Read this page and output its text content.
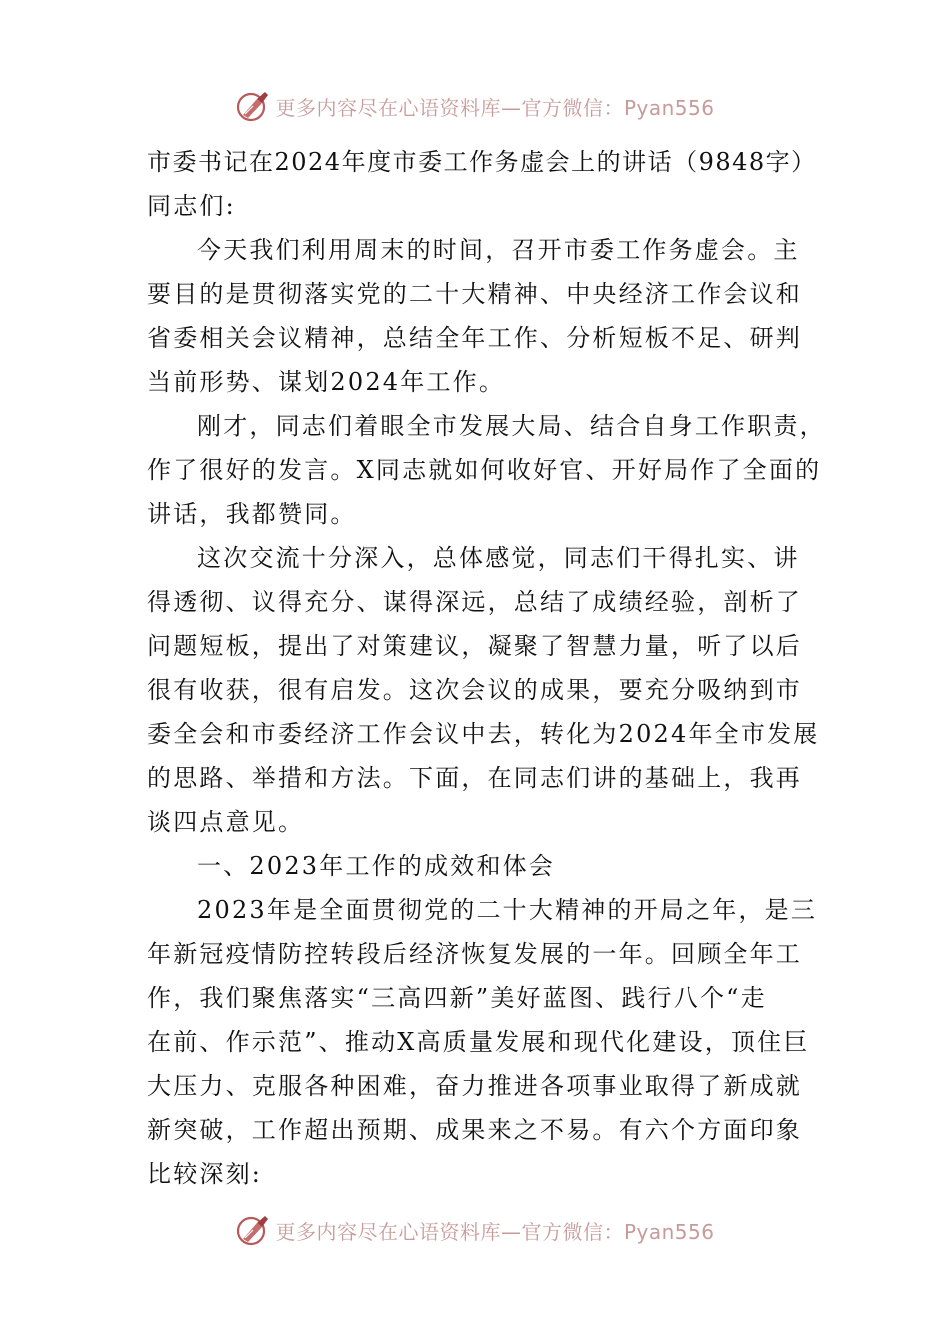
更多内容尽在心语资料库—官方微信：Pyan556
市委书记在2024年度市委工作务虚会上的讲话（9848字）
同志们:
今天我们利用周末的时间，召开市委工作务虚会。主
要目的是贯彻落实党的二十大精神、中央经济工作会议和
省委相关会议精神，总结全年工作、分析短板不足、研判
当前形势、谋划2024年工作。
刚才，同志们着眼全市发展大局、结合自身工作职责，
作了很好的发言。X同志就如何收好官、开好局作了全面的
讲话，我都赞同。
这次交流十分深入，总体感觉，同志们干得扎实、讲
得透彻、议得充分、谋得深远，总结了成绩经验，剖析了
问题短板，提出了对策建议，凝聚了智慧力量，听了以后
很有收获，很有启发。这次会议的成果，要充分吸纳到市
委全会和市委经济工作会议中去，转化为2024年全市发展
的思路、举措和方法。下面，在同志们讲的基础上，我再
谈四点意见。
一、2023年工作的成效和体会
2023年是全面贯彻党的二十大精神的开局之年，是三
年新冠疫情防控转段后经济恢复发展的一年。回顾全年工
作，我们聚焦落实“三高四新”美好蓝图、践行八个“走
在前、作示范”、推动X高质量发展和现代化建设，顶住巨
大压力、克服各种困难，奋力推进各项事业取得了新成就
新突破，工作超出预期、成果来之不易。有六个方面印象
比较深刻:
更多内容尽在心语资料库—官方微信：Pyan556
